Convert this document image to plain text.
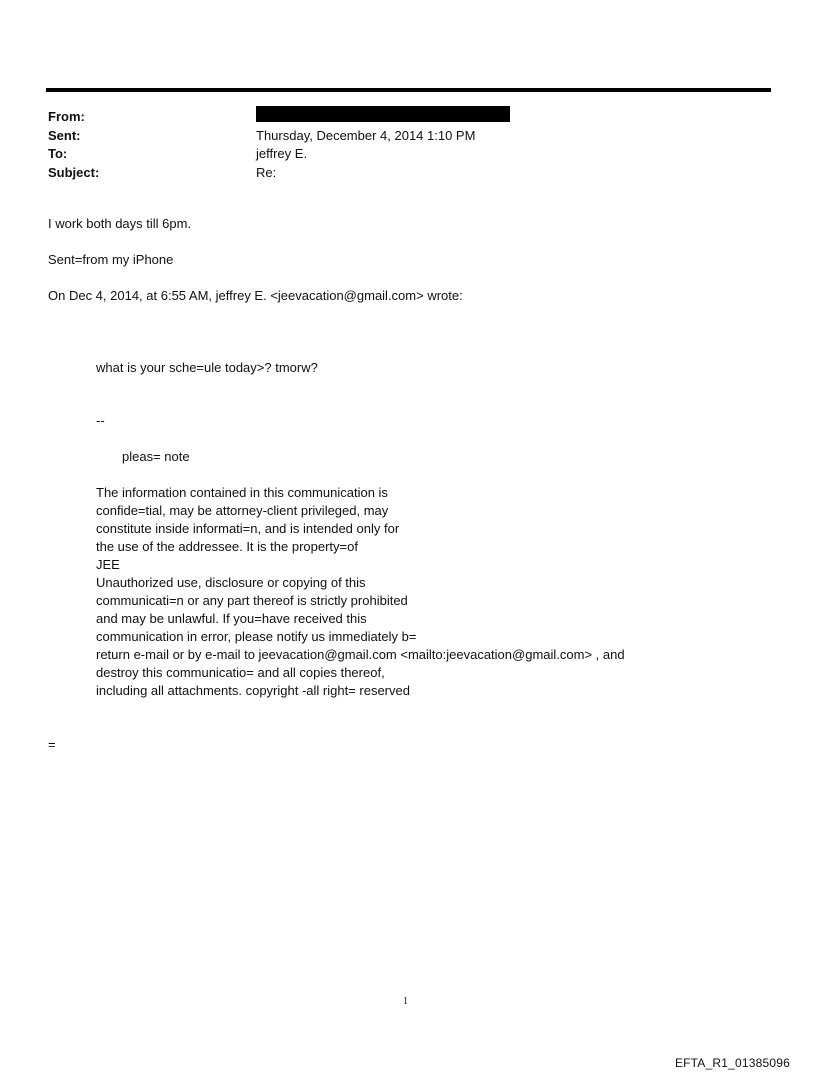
From:
Sent:	Thursday, December 4, 2014 1:10 PM
To:	jeffrey E.
Subject:	Re:
I work both days till 6pm.
Sent=from my iPhone
On Dec 4, 2014, at 6:55 AM, jeffrey E. <jeevacation@gmail.com> wrote:
what is your sche=ule today>? tmorw?
--
pleas= note
The information contained in this communication is
confide=tial, may be attorney-client privileged, may
constitute inside informati=n, and is intended only for
the use of the addressee. It is the property=of
JEE
Unauthorized use, disclosure or copying of this
communicati=n or any part thereof is strictly prohibited
and may be unlawful. If you=have received this
communication in error, please notify us immediately b=
return e-mail or by e-mail to jeevacation@gmail.com <mailto:jeevacation@gmail.com> , and
destroy this communicatio= and all copies thereof,
including all attachments. copyright -all right= reserved
=
1
EFTA_R1_01385096
